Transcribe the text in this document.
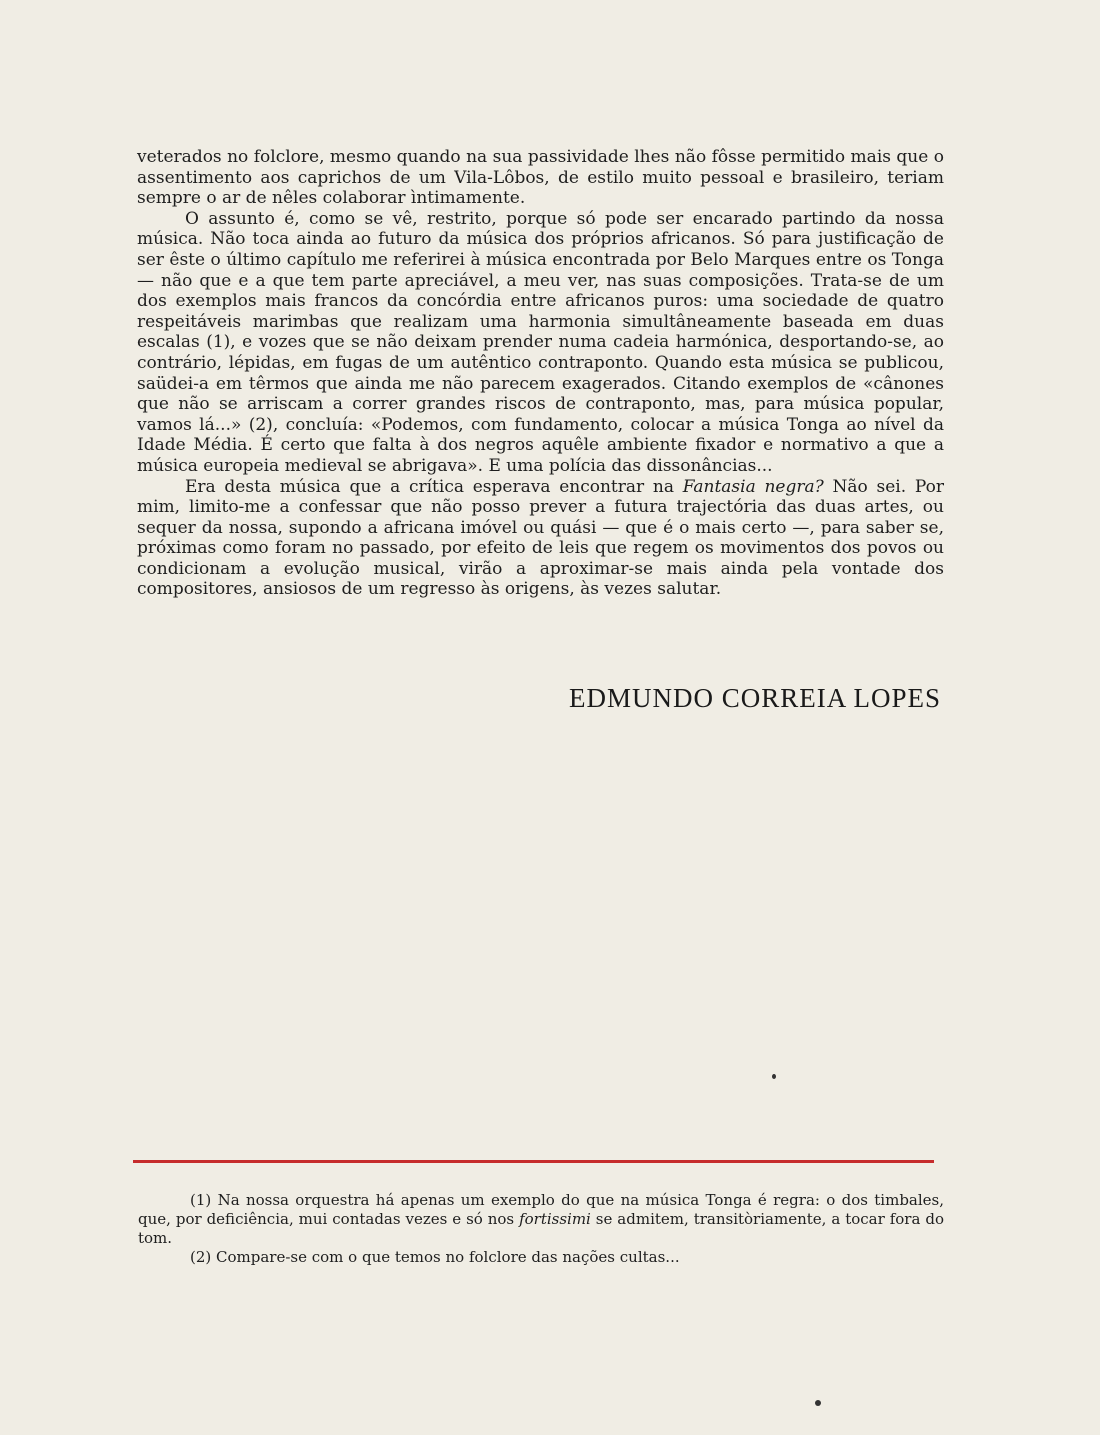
veterados no folclore, mesmo quando na sua passividade lhes não fôsse permitido mais que o assentimento aos caprichos de um Vila-Lôbos, de estilo muito pessoal e brasileiro, teriam sempre o ar de nêles colaborar ìntimamente.

O assunto é, como se vê, restrito, porque só pode ser encarado partindo da nossa música. Não toca ainda ao futuro da música dos próprios africanos. Só para justificação de ser êste o último capítulo me referirei à música encontrada por Belo Marques entre os Tonga — não que e a que tem parte apreciável, a meu ver, nas suas composições. Trata-se de um dos exemplos mais francos da concórdia entre africanos puros: uma sociedade de quatro respeitáveis marimbas que realizam uma harmonia simultâneamente baseada em duas escalas (1), e vozes que se não deixam prender numa cadeia harmónica, desportando-se, ao contrário, lépidas, em fugas de um autêntico contraponto. Quando esta música se publicou, saüdei-a em têrmos que ainda me não parecem exagerados. Citando exemplos de «cânones que não se arriscam a correr grandes riscos de contraponto, mas, para música popular, vamos lá...» (2), concluía: «Podemos, com fundamento, colocar a música Tonga ao nível da Idade Média. É certo que falta à dos negros aquêle ambiente fixador e normativo a que a música europeia medieval se abrigava». E uma polícia das dissonâncias...

Era desta música que a crítica esperava encontrar na Fantasia negra? Não sei. Por mim, limito-me a confessar que não posso prever a futura trajectória das duas artes, ou sequer da nossa, supondo a africana imóvel ou quási — que é o mais certo —, para saber se, próximas como foram no passado, por efeito de leis que regem os movimentos dos povos ou condicionam a evolução musical, virão a aproximar-se mais ainda pela vontade dos compositores, ansiosos de um regresso às origens, às vezes salutar.

EDMUNDO CORREIA LOPES

(1) Na nossa orquestra há apenas um exemplo do que na música Tonga é regra: o dos timbales, que, por deficiência, mui contadas vezes e só nos fortissimi se admitem, transitòriamente, a tocar fora do tom.

(2) Compare-se com o que temos no folclore das nações cultas...
